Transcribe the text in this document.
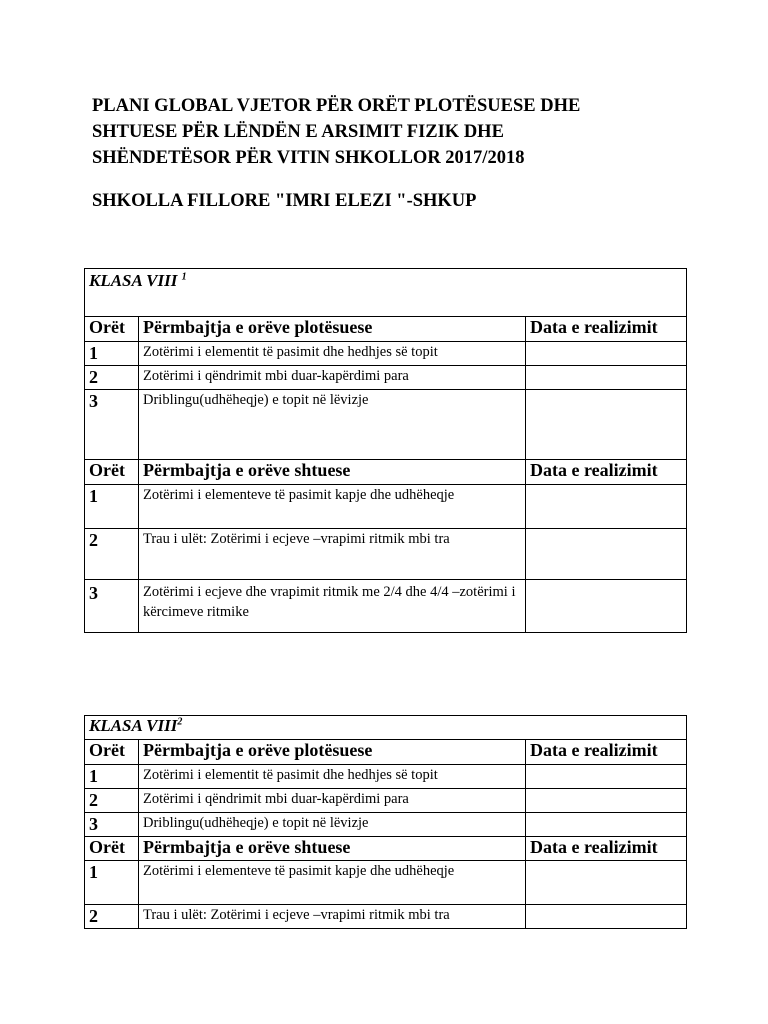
PLANI GLOBAL VJETOR PËR ORËT PLOTËSUESE DHE
SHTUESE PËR LËNDËN E ARSIMIT FIZIK DHE
SHËNDETËSOR PËR VITIN SHKOLLOR 2017/2018

SHKOLLA FILLORE "IMRI ELEZI "-SHKUP

KLASA VIII $^1$
Orët	Përmbajtja e orëve plotësuese	Data e realizimit
1	Zotërimi i elementit të pasimit dhe hedhjes së topit	
2	Zotërimi i qëndrimit mbi duar-kapërdimi para	
3	Driblingu(udhëheqje) e topit në lëvizje	
Orët	Përmbajtja e orëve shtuese	Data e realizimit
1	Zotërimi i elementeve të pasimit kapje dhe udhëheqje	
2	Trau i ulët: Zotërimi i ecjeve –vrapimi ritmik mbi tra	
3	Zotërimi i ecjeve dhe vrapimit ritmik me 2/4 dhe 4/4 –zotërimi i kërcimeve ritmike	
KLASA VIII$^2$
Orët	Përmbajtja e orëve plotësuese	Data e realizimit
1	Zotërimi i elementit të pasimit dhe hedhjes së topit	
2	Zotërimi i qëndrimit mbi duar-kapërdimi para	
3	Driblingu(udhëheqje) e topit në lëvizje	
Orët	Përmbajtja e orëve shtuese	Data e realizimit
1	Zotërimi i elementeve të pasimit kapje dhe udhëheqje	
2	Trau i ulët: Zotërimi i ecjeve –vrapimi ritmik mbi tra	
